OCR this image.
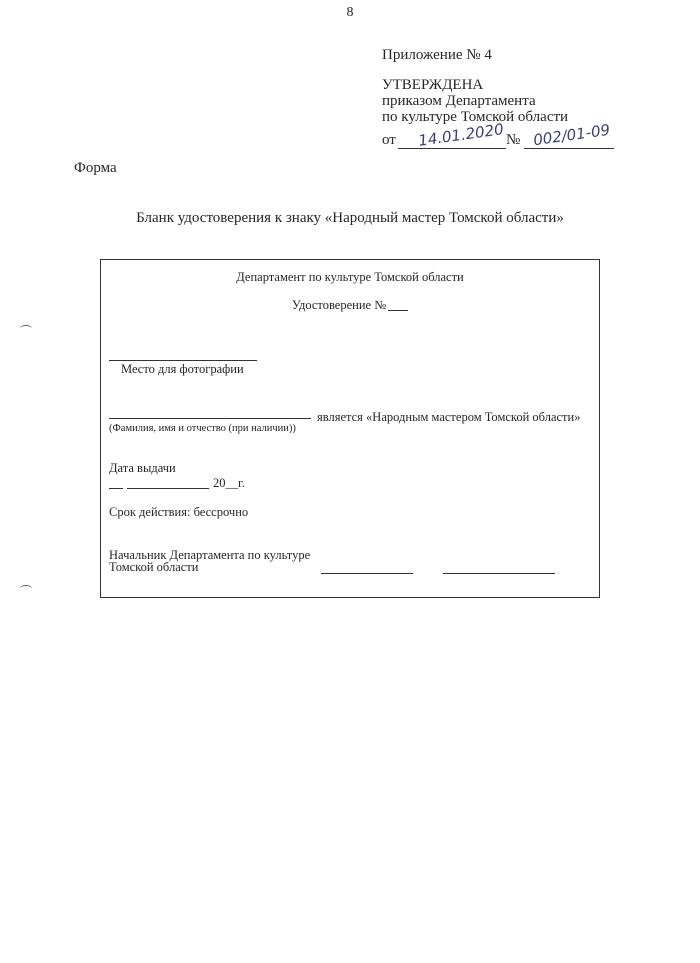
8
Приложение № 4
УТВЕРЖДЕНА
приказом Департамента
по культуре Томской области
от 14.01.2020 № 002/01-09
Форма
Бланк удостоверения к знаку «Народный мастер Томской области»
Департамент по культуре Томской области
Удостоверение №
Место для фотографии
является «Народным мастером Томской области»
(Фамилия, имя и отчество (при наличии))
Дата выдачи
20__г.
Срок действия: бессрочно
Начальник Департамента по культуре
Томской области
